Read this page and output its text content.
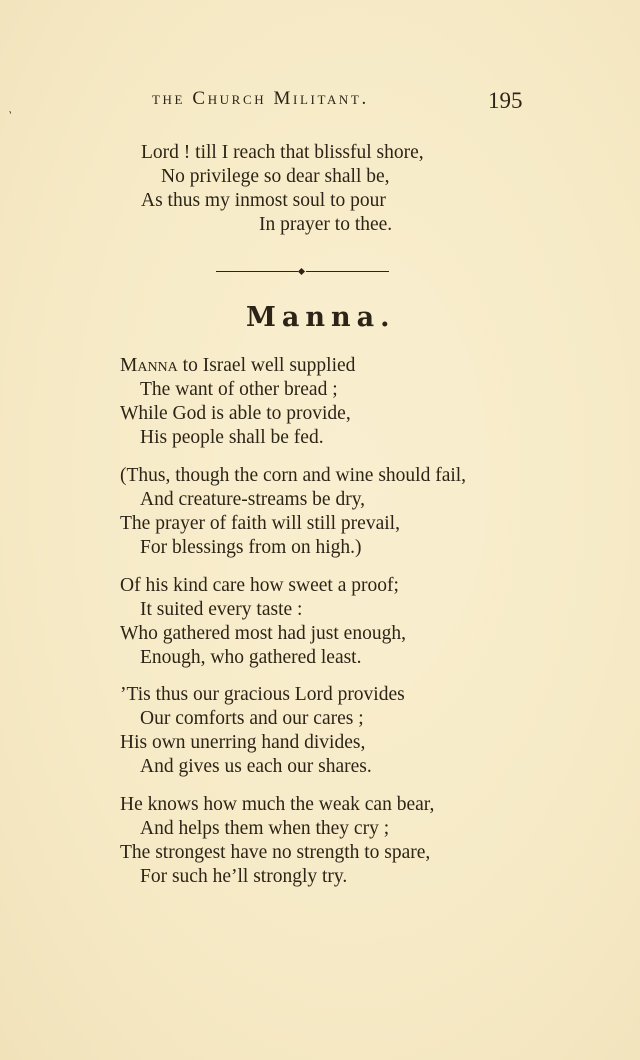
ˏ	the Church Militant.	195
Lord ! till I reach that blissful shore,
No privilege so dear shall be,
As thus my inmost soul to pour
In prayer to thee.
Manna.
Manna to Israel well supplied
The want of other bread ;
While God is able to provide,
His people shall be fed.
(Thus, though the corn and wine should fail,
And creature-streams be dry,
The prayer of faith will still prevail,
For blessings from on high.)
Of his kind care how sweet a proof;
It suited every taste :
Who gathered most had just enough,
Enough, who gathered least.
’Tis thus our gracious Lord provides
Our comforts and our cares ;
His own unerring hand divides,
And gives us each our shares.
He knows how much the weak can bear,
And helps them when they cry ;
The strongest have no strength to spare,
For such he’ll strongly try.
